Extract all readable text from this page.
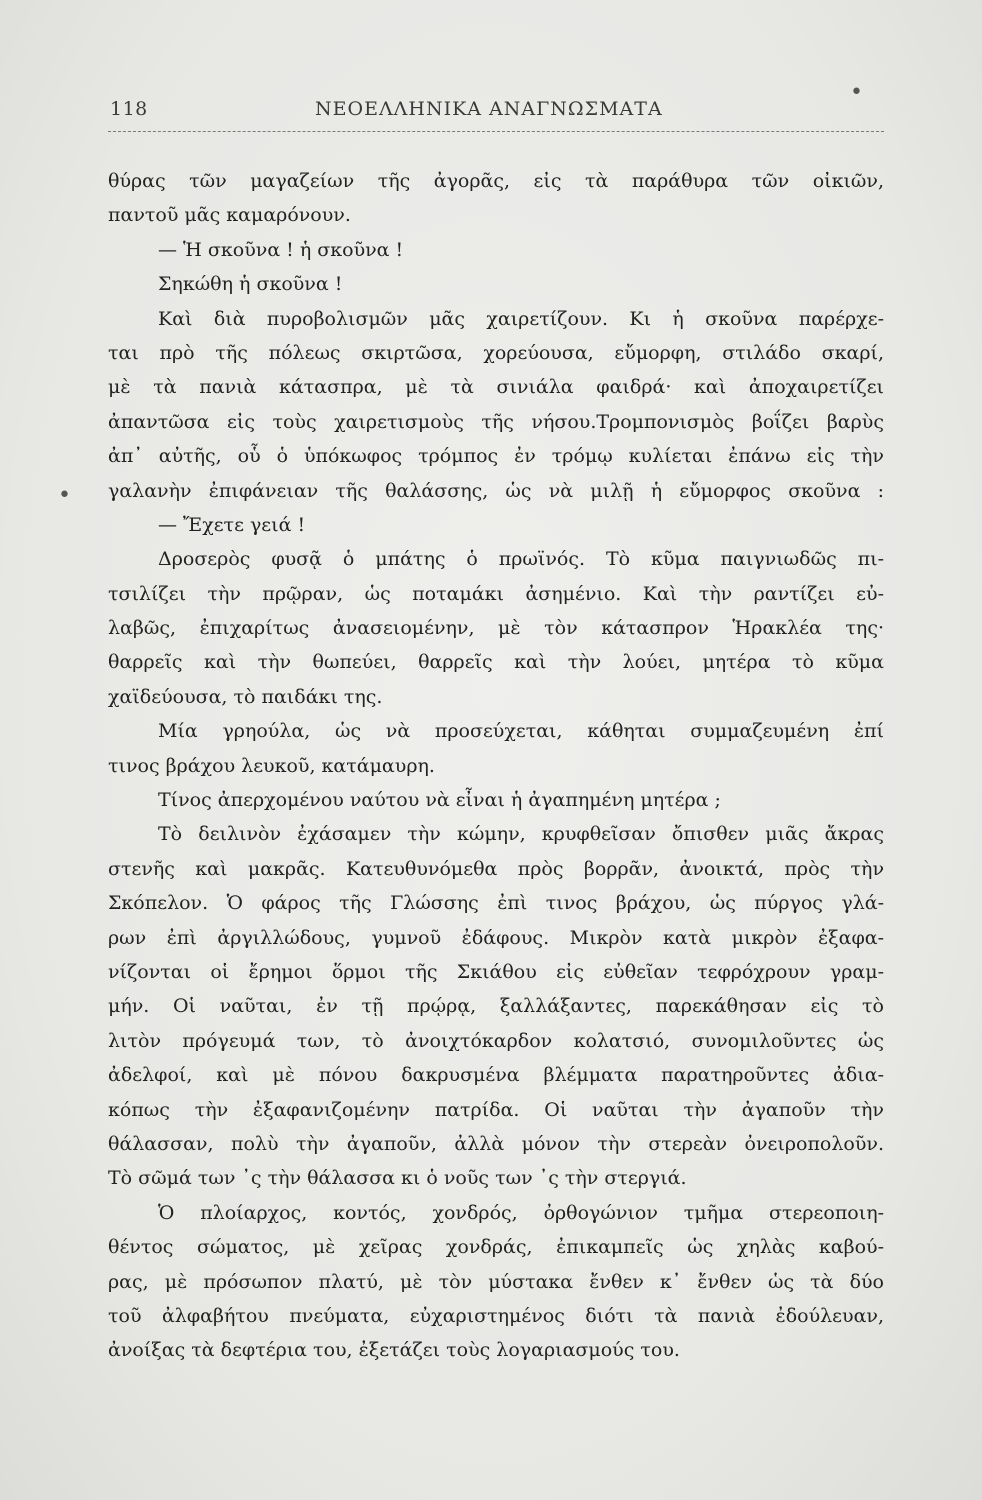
118	ΝΕΟΕΛΛΗΝΙΚΑ ΑΝΑΓΝΩΣΜΑΤΑ
•
•
θύρας τῶν μαγαζείων τῆς ἀγορᾶς, εἰς τὰ παράθυρα τῶν οἰκιῶν,
παντοῦ μᾶς καμαρόνουν.
— Ἡ σκοῦνα ! ἡ σκοῦνα !
Σηκώθη ἡ σκοῦνα !
Καὶ διὰ πυροβολισμῶν μᾶς χαιρετίζουν. Κι ἡ σκοῦνα παρέρχε-
ται πρὸ τῆς πόλεως σκιρτῶσα, χορεύουσα, εὔμορφη, στιλάδο σκαρί,
μὲ τὰ πανιὰ κάτασπρα, μὲ τὰ σινιάλα φαιδρά· καὶ ἀποχαιρετίζει
ἀπαντῶσα εἰς τοὺς χαιρετισμοὺς τῆς νήσου.Τρομπονισμὸς βοΐζει βαρὺς
ἀπ᾽ αὐτῆς, οὗ ὁ ὑπόκωφος τρόμπος ἐν τρόμῳ κυλίεται ἐπάνω εἰς τὴν
γαλανὴν ἐπιφάνειαν τῆς θαλάσσης, ὡς νὰ μιλῇ ἡ εὔμορφος σκοῦνα :
— Ἔχετε γειά !
Δροσερὸς φυσᾷ ὁ μπάτης ὁ πρωϊνός. Τὸ κῦμα παιγνιωδῶς πι-
τσιλίζει τὴν πρῷραν, ὡς ποταμάκι ἀσημένιο. Καὶ τὴν ραντίζει εὐ-
λαβῶς, ἐπιχαρίτως ἀνασειομένην, μὲ τὸν κάτασπρον Ἡρακλέα της·
θαρρεῖς καὶ τὴν θωπεύει, θαρρεῖς καὶ τὴν λούει, μητέρα τὸ κῦμα
χαϊδεύουσα, τὸ παιδάκι της.
Μία γρηούλα, ὡς νὰ προσεύχεται, κάθηται συμμαζευμένη ἐπί
τινος βράχου λευκοῦ, κατάμαυρη.
Τίνος ἀπερχομένου ναύτου νὰ εἶναι ἡ ἀγαπημένη μητέρα ;
Τὸ δειλινὸν ἐχάσαμεν τὴν κώμην, κρυφθεῖσαν ὄπισθεν μιᾶς ἄκρας
στενῆς καὶ μακρᾶς. Κατευθυνόμεθα πρὸς βορρᾶν, ἀνοικτά, πρὸς τὴν
Σκόπελον. Ὁ φάρος τῆς Γλώσσης ἐπὶ τινος βράχου, ὡς πύργος γλά-
ρων ἐπὶ ἀργιλλώδους, γυμνοῦ ἐδάφους. Μικρὸν κατὰ μικρὸν ἐξαφα-
νίζονται οἱ ἔρημοι ὅρμοι τῆς Σκιάθου εἰς εὐθεῖαν τεφρόχρουν γραμ-
μήν. Οἱ ναῦται, ἐν τῇ πρῴρᾳ, ξαλλάξαντες, παρεκάθησαν εἰς τὸ
λιτὸν πρόγευμά των, τὸ ἀνοιχτόκαρδον κολατσιό, συνομιλοῦντες ὡς
ἀδελφοί, καὶ μὲ πόνου δακρυσμένα βλέμματα παρατηροῦντες ἀδια-
κόπως τὴν ἐξαφανιζομένην πατρίδα. Οἱ ναῦται τὴν ἀγαποῦν τὴν
θάλασσαν, πολὺ τὴν ἀγαποῦν, ἀλλὰ μόνον τὴν στερεὰν ὀνειροπολοῦν.
Τὸ σῶμά των ᾽ς τὴν θάλασσα κι ὁ νοῦς των ᾽ς τὴν στεργιά.
Ὁ πλοίαρχος, κοντός, χονδρός, ὀρθογώνιον τμῆμα στερεοποιη-
θέντος σώματος, μὲ χεῖρας χονδράς, ἐπικαμπεῖς ὡς χηλὰς καβού-
ρας, μὲ πρόσωπον πλατύ, μὲ τὸν μύστακα ἔνθεν κ᾽ ἔνθεν ὡς τὰ δύο
τοῦ ἀλφαβήτου πνεύματα, εὐχαριστημένος διότι τὰ πανιὰ ἐδούλευαν,
ἀνοίξας τὰ δεφτέρια του, ἐξετάζει τοὺς λογαριασμούς του.
